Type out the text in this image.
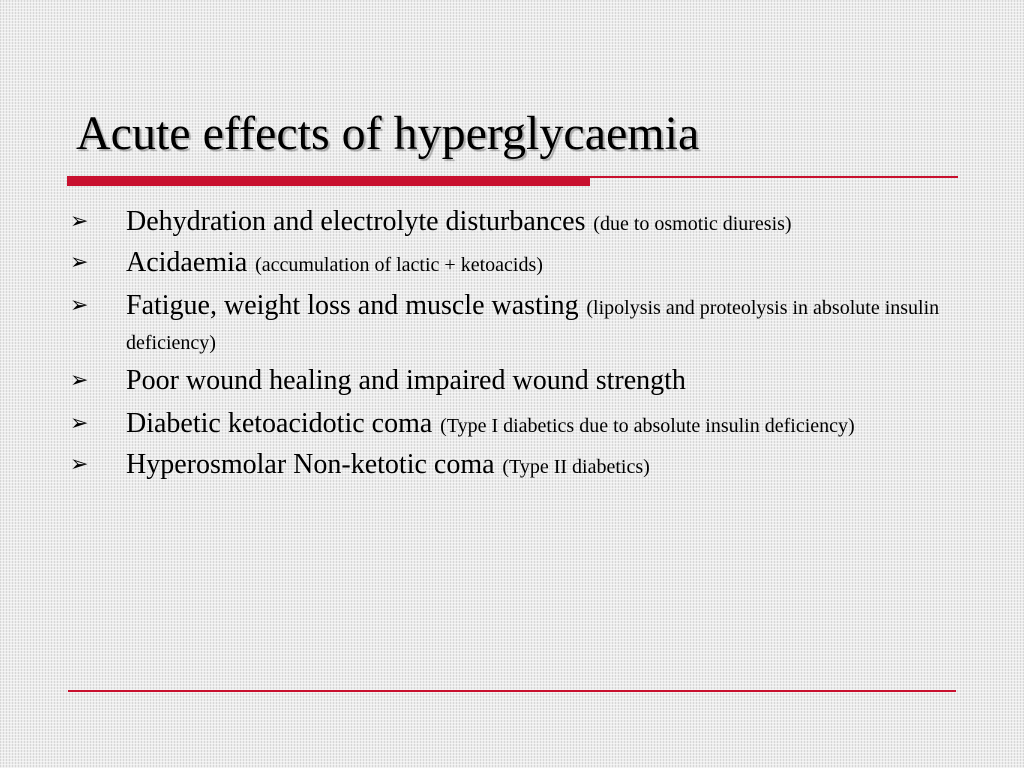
Acute effects of hyperglycaemia
➢ Dehydration and electrolyte disturbances (due to osmotic diuresis)
➢ Acidaemia (accumulation of lactic + ketoacids)
➢ Fatigue, weight loss and muscle wasting (lipolysis and proteolysis in absolute insulin deficiency)
➢ Poor wound healing and impaired wound strength
➢ Diabetic ketoacidotic coma (Type I diabetics due to absolute insulin deficiency)
➢ Hyperosmolar Non-ketotic coma (Type II diabetics)
